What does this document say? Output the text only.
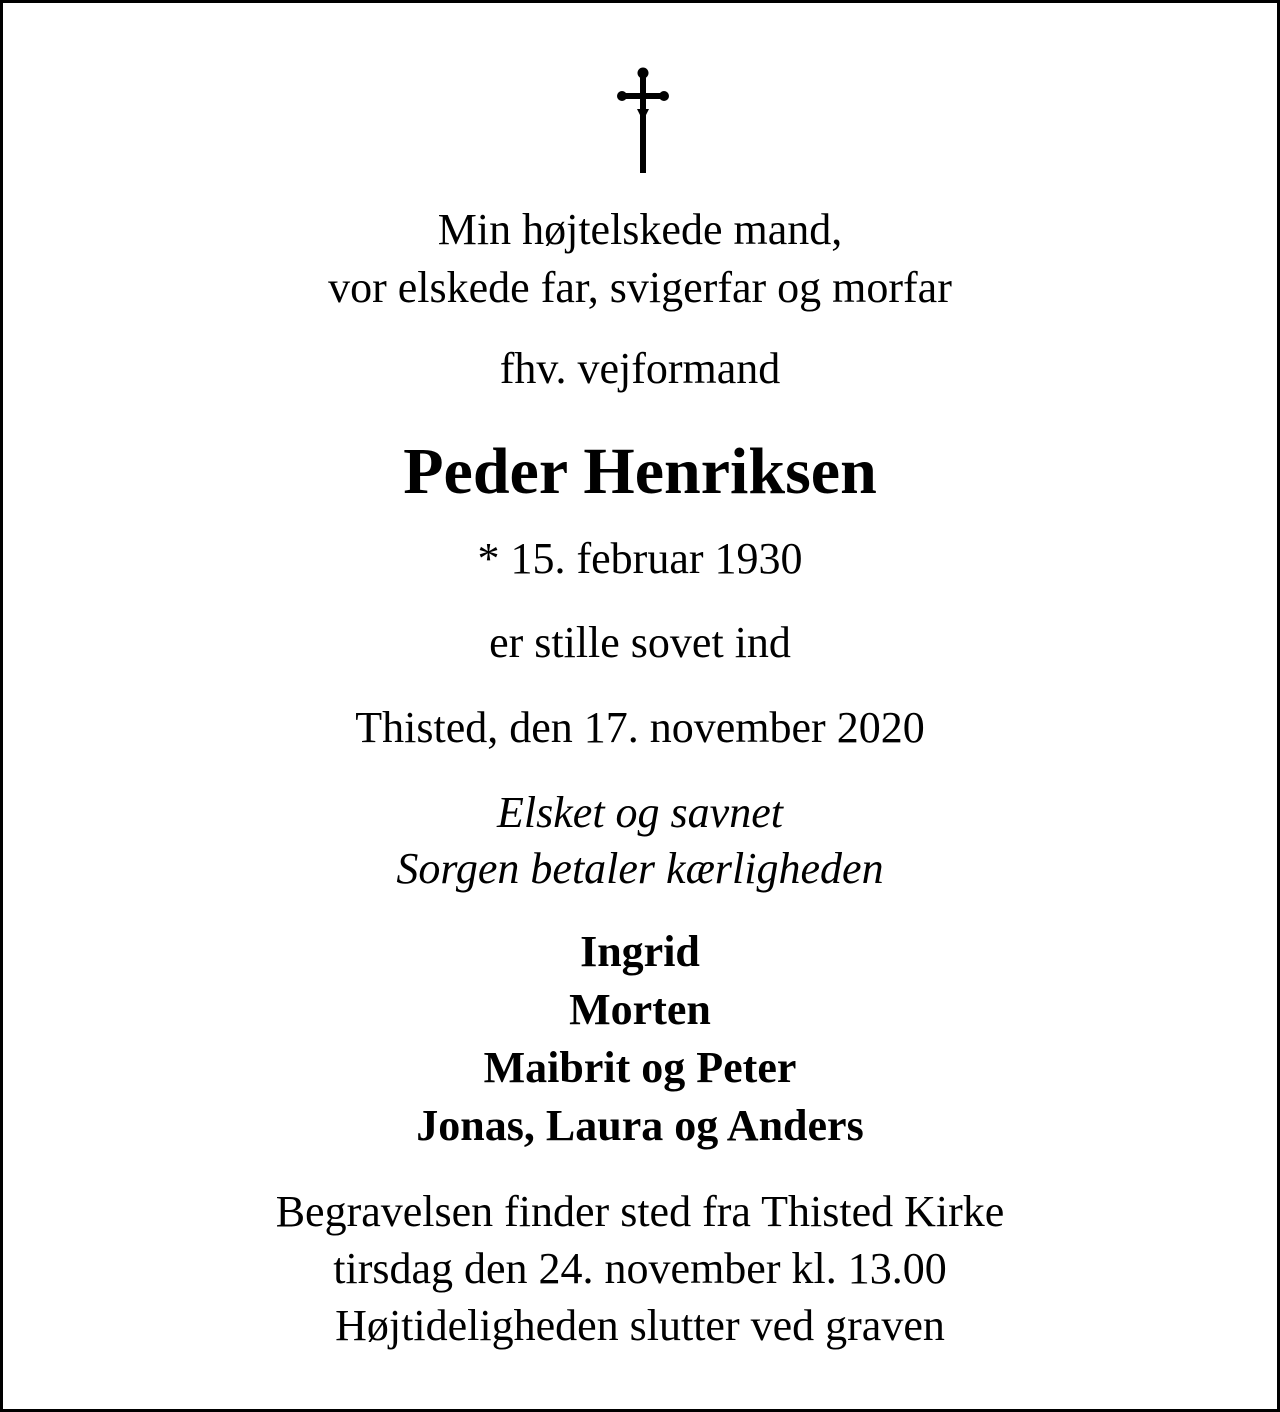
Min højtelskede mand,
vor elskede far, svigerfar og morfar
fhv. vejformand
Peder Henriksen
* 15. februar 1930
er stille sovet ind
Thisted, den 17. november 2020
Elsket og savnet
Sorgen betaler kærligheden
Ingrid
Morten
Maibrit og Peter
Jonas, Laura og Anders
Begravelsen finder sted fra Thisted Kirke
tirsdag den 24. november kl. 13.00
Højtideligheden slutter ved graven
